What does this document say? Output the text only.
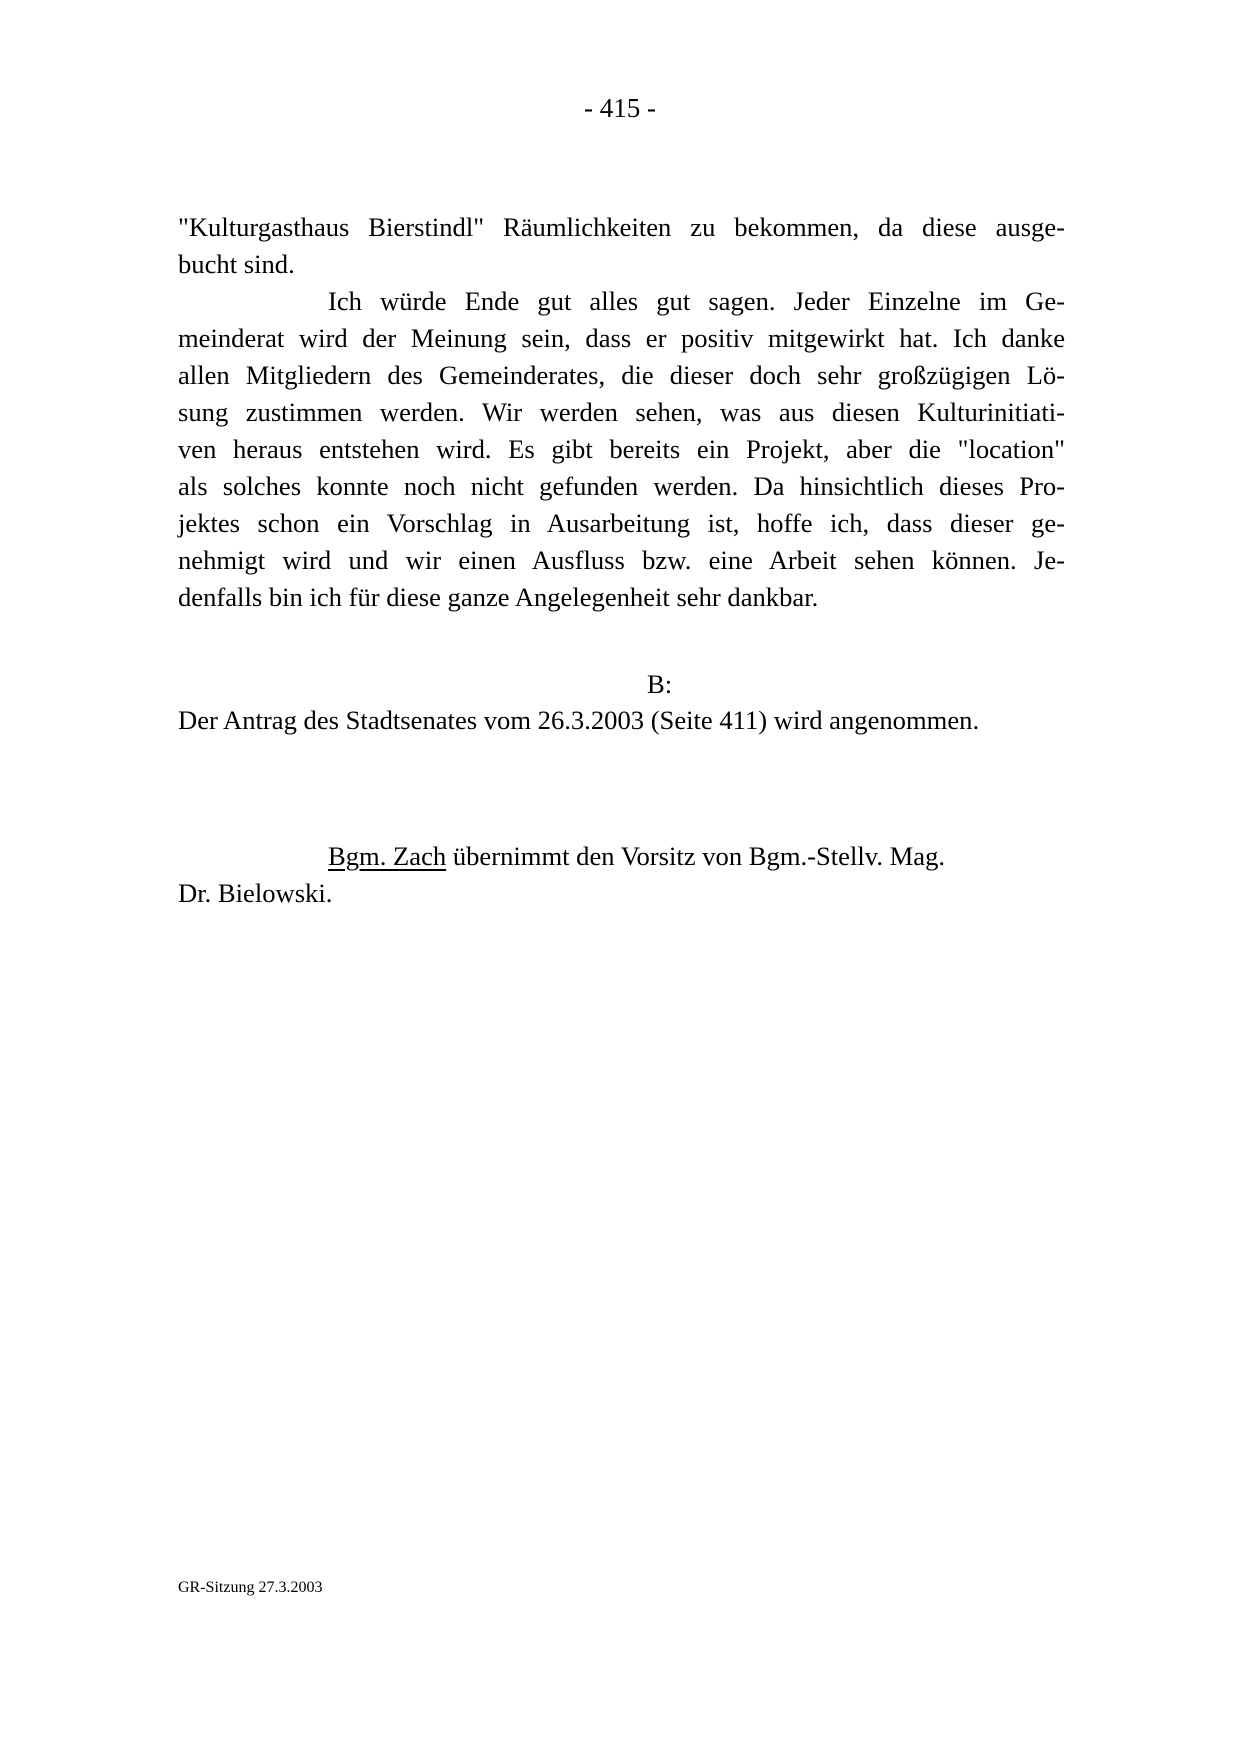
- 415 -
"Kulturgasthaus Bierstindl" Räumlichkeiten zu bekommen, da diese ausge-
bucht sind.
Ich würde Ende gut alles gut sagen. Jeder Einzelne im Ge-
meinderat wird der Meinung sein, dass er positiv mitgewirkt hat. Ich danke
allen Mitgliedern des Gemeinderates, die dieser doch sehr großzügigen Lö-
sung zustimmen werden. Wir werden sehen, was aus diesen Kulturinitiati-
ven heraus entstehen wird. Es gibt bereits ein Projekt, aber die "location"
als solches konnte noch nicht gefunden werden. Da hinsichtlich dieses Pro-
jektes schon ein Vorschlag in Ausarbeitung ist, hoffe ich, dass dieser ge-
nehmigt wird und wir einen Ausfluss bzw. eine Arbeit sehen können. Je-
denfalls bin ich für diese ganze Angelegenheit sehr dankbar.
B:
Der Antrag des Stadtsenates vom 26.3.2003 (Seite 411) wird angenommen.
Bgm. Zach übernimmt den Vorsitz von Bgm.-Stellv. Mag.
Dr. Bielowski.
GR-Sitzung 27.3.2003
